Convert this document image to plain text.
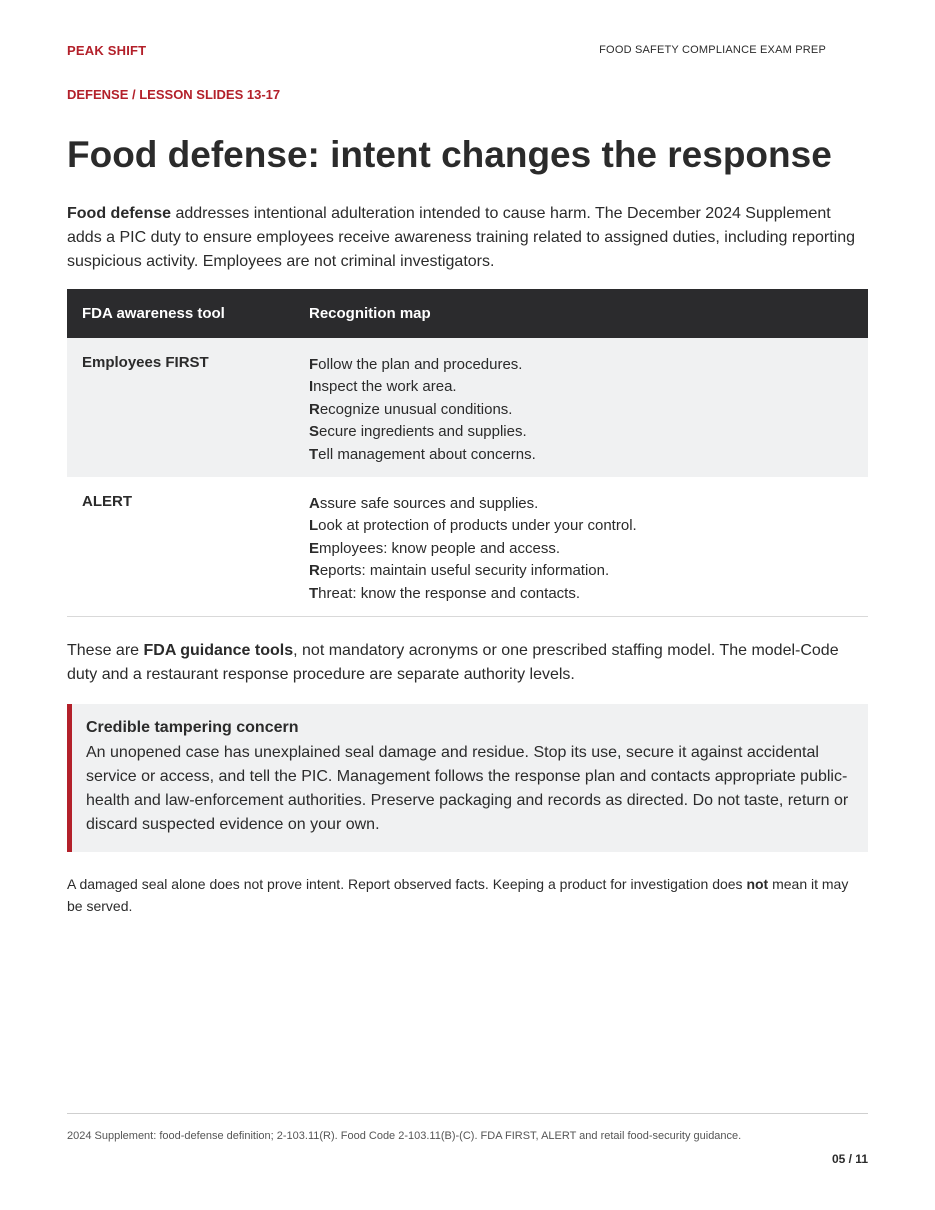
PEAK SHIFT	FOOD SAFETY COMPLIANCE EXAM PREP
DEFENSE / LESSON SLIDES 13-17
Food defense: intent changes the response

Food defense addresses intentional adulteration intended to cause harm. The December 2024 Supplement adds a PIC duty to ensure employees receive awareness training related to assigned duties, including reporting suspicious activity. Employees are not criminal investigators.

FDA awareness tool	Recognition map
Employees FIRST	Follow the plan and procedures.
Inspect the work area.
Recognize unusual conditions.
Secure ingredients and supplies.
Tell management about concerns.
ALERT	Assure safe sources and supplies.
Look at protection of products under your control.
Employees: know people and access.
Reports: maintain useful security information.
Threat: know the response and contacts.

These are FDA guidance tools, not mandatory acronyms or one prescribed staffing model. The model-Code duty and a restaurant response procedure are separate authority levels.

Credible tampering concern
An unopened case has unexplained seal damage and residue. Stop its use, secure it against accidental service or access, and tell the PIC. Management follows the response plan and contacts appropriate public-health and law-enforcement authorities. Preserve packaging and records as directed. Do not taste, return or discard suspected evidence on your own.

A damaged seal alone does not prove intent. Report observed facts. Keeping a product for investigation does not mean it may be served.

2024 Supplement: food-defense definition; 2-103.11(R). Food Code 2-103.11(B)-(C). FDA FIRST, ALERT and retail food-security guidance.
05 / 11
